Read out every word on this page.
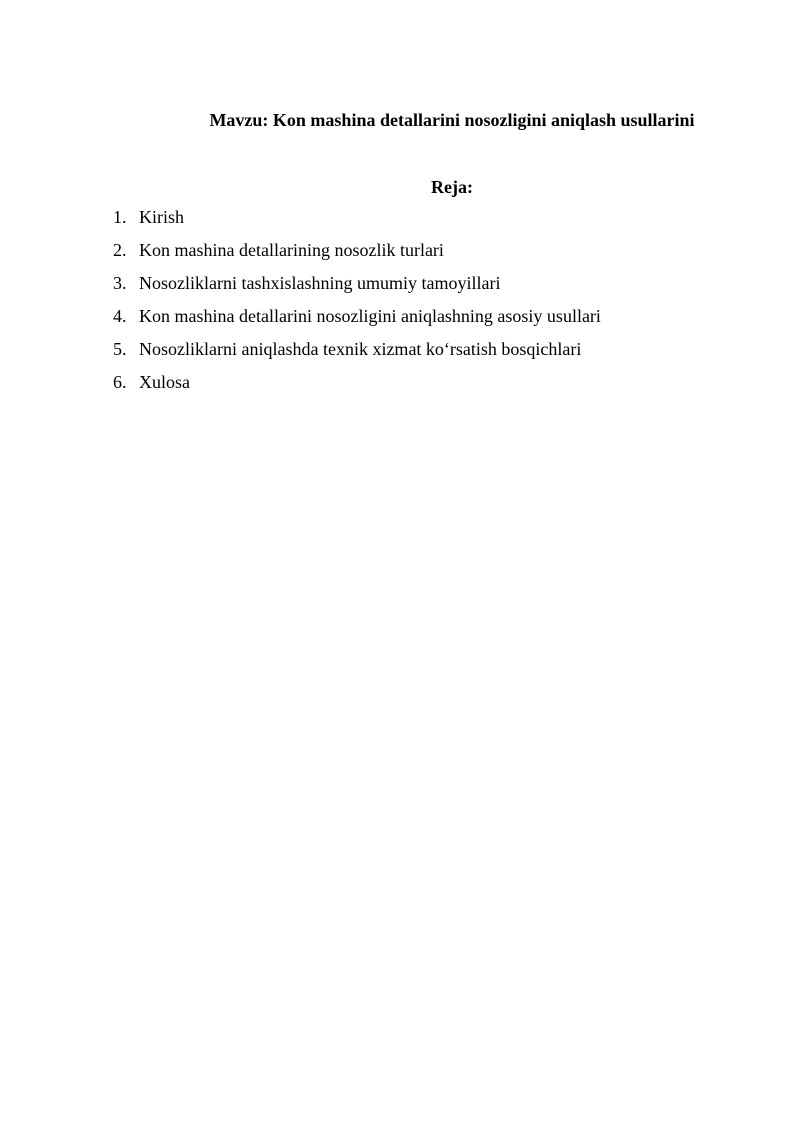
Mavzu: Kon mashina detallarini nosozligini aniqlash usullarini
Reja:
1. Kirish
2. Kon mashina detallarining nosozlik turlari
3. Nosozliklarni tashxislashning umumiy tamoyillari
4. Kon mashina detallarini nosozligini aniqlashning asosiy usullari
5. Nosozliklarni aniqlashda texnik xizmat ko‘rsatish bosqichlari
6. Xulosa
